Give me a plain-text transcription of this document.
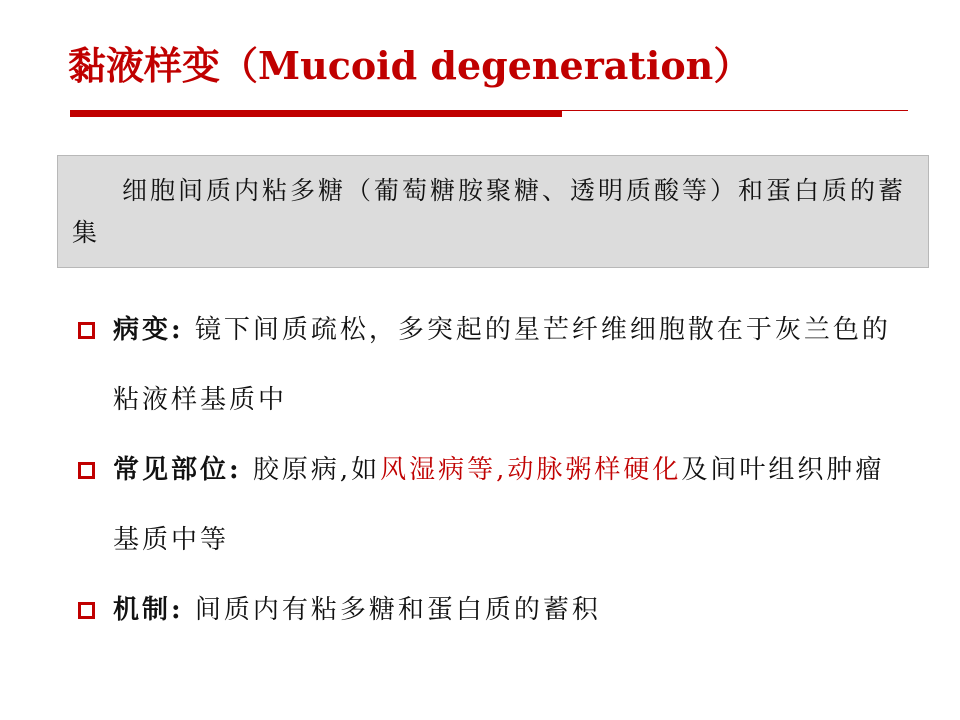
黏液样变（Mucoid degeneration）

细胞间质内粘多糖（葡萄糖胺聚糖、透明质酸等）和蛋白质的蓄集

病变: 镜下间质疏松，多突起的星芒纤维细胞散在于灰兰色的粘液样基质中

常见部位: 胶原病,如风湿病等,动脉粥样硬化及间叶组织肿瘤基质中等

机制: 间质内有粘多糖和蛋白质的蓄积
